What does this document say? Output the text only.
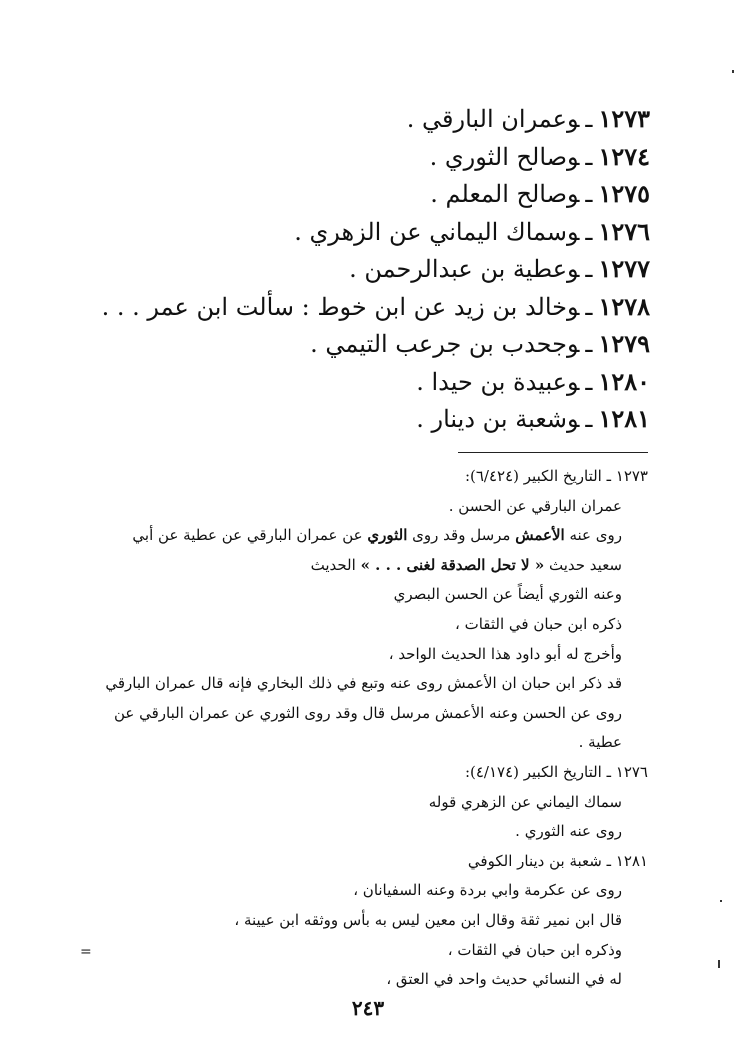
١٢٧٣ـوعمران البارقي .
١٢٧٤ـوصالح الثوري .
١٢٧٥ـوصالح المعلم .
١٢٧٦ـوسماك اليماني عن الزهري .
١٢٧٧ـوعطية بن عبدالرحمن .
١٢٧٨ـوخالد بن زيد عن ابن خوط : سألت ابن عمر . . .
١٢٧٩ـوجحدب بن جرعب التيمي .
١٢٨٠ـوعبيدة بن حيدا .
١٢٨١ـوشعبة بن دينار .
١٢٧٣ ـ التاريخ الكبير (٦/٤٢٤):
عمران البارقي عن الحسن .
روى عنه الأعمش مرسل وقد روى الثوري عن عمران البارقي عن عطية عن أبي
سعيد حديث « لا تحل الصدقة لغنى . . . » الحديث
وعنه الثوري أيضاً عن الحسن البصري
ذكره ابن حبان في الثقات ،
وأخرج له أبو داود هذا الحديث الواحد ،
قد ذكر ابن حبان ان الأعمش روى عنه وتبع في ذلك البخاري فإنه قال عمران البارقي
روى عن الحسن وعنه الأعمش مرسل قال وقد روى الثوري عن عمران البارقي عن
عطية .
١٢٧٦ ـ التاريخ الكبير (٤/١٧٤):
سماك اليماني عن الزهري قوله
روى عنه الثوري .
١٢٨١ ـ شعبة بن دينار الكوفي
روى عن عكرمة وابي بردة وعنه السفيانان ،
قال ابن نمير ثقة وقال ابن معين ليس به بأس ووثقه ابن عيينة ،
وذكره ابن حبان في الثقات ،
له في النسائي حديث واحد في العتق ،
=
٢٤٣
